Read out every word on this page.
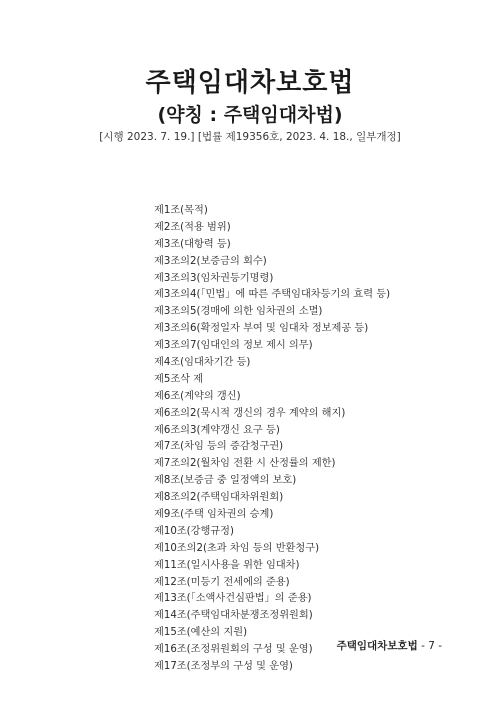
주택임대차보호법
(약칭 : 주택임대차법)
[시행 2023. 7. 19.] [법률 제19356호, 2023. 4. 18., 일부개정]
제1조(목적)
제2조(적용 범위)
제3조(대항력 등)
제3조의2(보증금의 회수)
제3조의3(임차권등기명령)
제3조의4(「민법」에 따른 주택임대차등기의 효력 등)
제3조의5(경매에 의한 임차권의 소멸)
제3조의6(확정일자 부여 및 임대차 정보제공 등)
제3조의7(임대인의 정보 제시 의무)
제4조(임대차기간 등)
제5조삭 제
제6조(계약의 갱신)
제6조의2(묵시적 갱신의 경우 계약의 해지)
제6조의3(계약갱신 요구 등)
제7조(차임 등의 증감청구권)
제7조의2(월차임 전환 시 산정률의 제한)
제8조(보증금 중 일정액의 보호)
제8조의2(주택임대차위원회)
제9조(주택 임차권의 승계)
제10조(강행규정)
제10조의2(초과 차임 등의 반환청구)
제11조(일시사용을 위한 임대차)
제12조(미등기 전세에의 준용)
제13조(「소액사건심판법」의 준용)
제14조(주택임대차분쟁조정위원회)
제15조(예산의 지원)
제16조(조정위원회의 구성 및 운영)
제17조(조정부의 구성 및 운영)
주택임대차보호법 - 7 -
